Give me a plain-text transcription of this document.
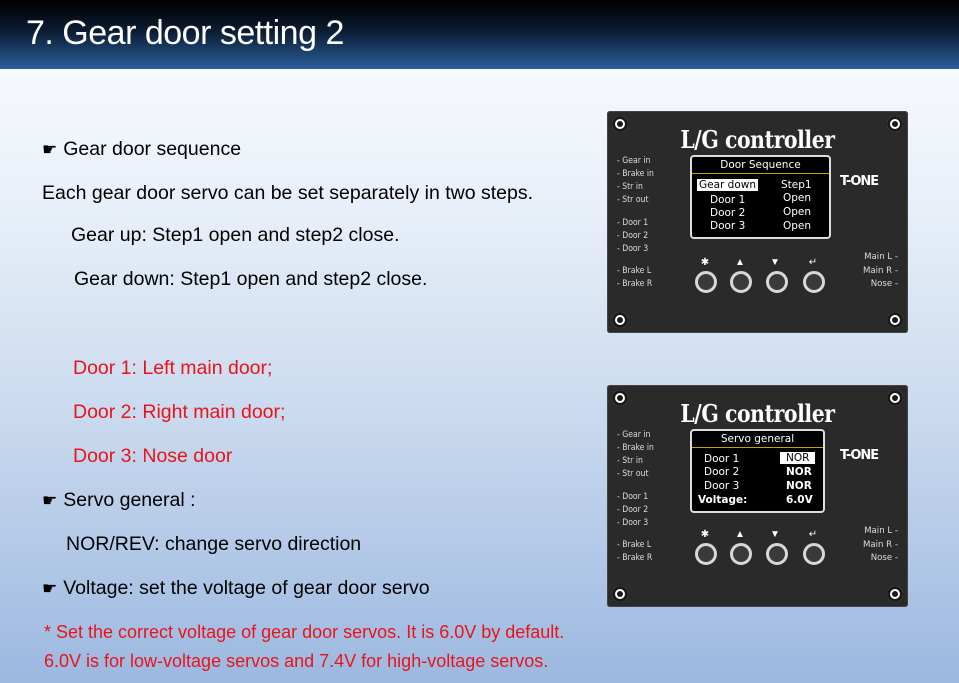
7. Gear door setting 2
☛ Gear door sequence
Each gear door servo can be set separately in two steps.
Gear up: Step1 open and step2 close.
Gear down: Step1 open and step2 close.
Door 1: Left main door;
Door 2: Right main door;
Door 3: Nose door
☛ Servo general :
NOR/REV: change servo direction
☛ Voltage: set the voltage of gear door servo
* Set the correct voltage of gear door servos. It is 6.0V by default.
6.0V is for low-voltage servos and 7.4V for high-voltage servos.
L/G controller
- Gear in
- Brake in
- Str in
- Str out
- Door 1
- Door 2
- Door 3
- Brake L
- Brake R
Main L -
Main R -
Nose -
Door Sequence
Gear down Step1
Door 1	Open
Door 2	Open
Door 3	Open
T-ONE
✱	▲	▼	↵
L/G controller
- Gear in
- Brake in
- Str in
- Str out
- Door 1
- Door 2
- Door 3
- Brake L
- Brake R
Main L -
Main R -
Nose -
Servo general
Door 1	NOR
Door 2	NOR
Door 3	NOR
Voltage:	6.0V
T-ONE
✱	▲	▼	↵
